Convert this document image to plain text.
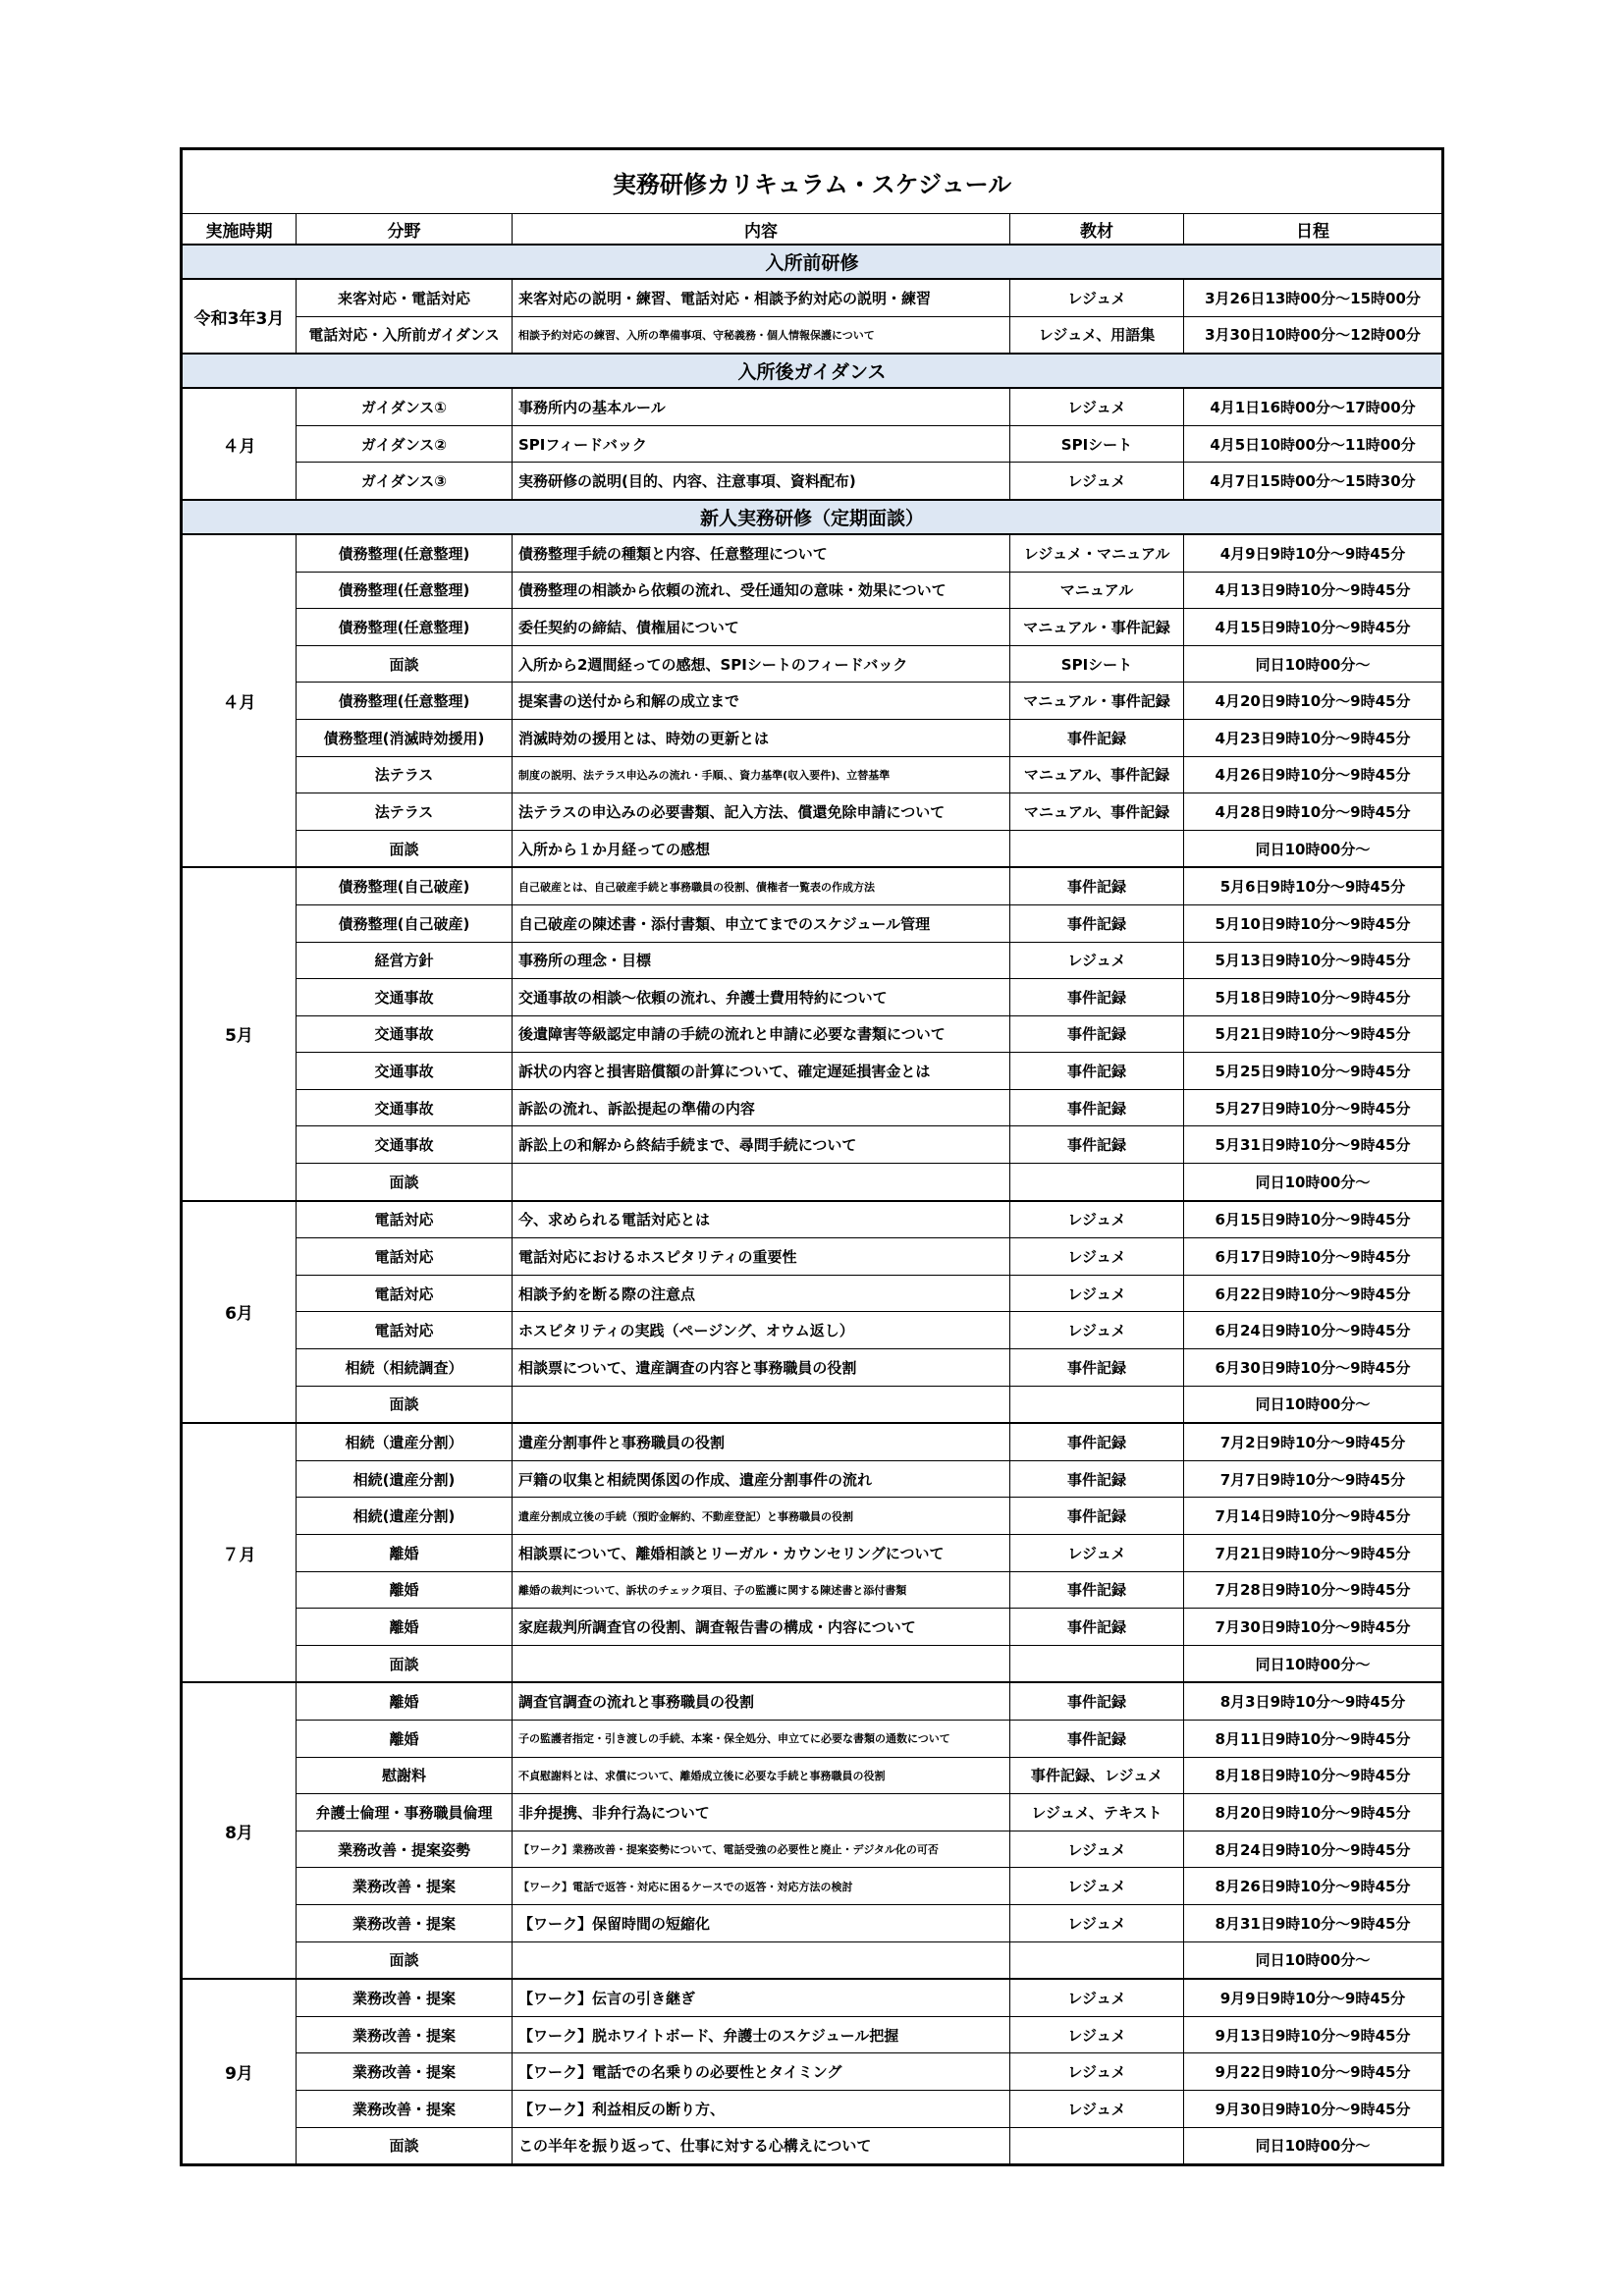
実務研修カリキュラム・スケジュール				
実施時期	分野	内容	教材	日程
入所前研修				
令和3年3月	来客対応・電話対応	来客対応の説明・練習、電話対応・相談予約対応の説明・練習	レジュメ	3月26日13時00分～15時00分
	電話対応・入所前ガイダンス	相談予約対応の練習、入所の準備事項、守秘義務・個人情報保護について	レジュメ、用語集	3月30日10時00分～12時00分
入所後ガイダンス				
４月	ガイダンス①	事務所内の基本ルール	レジュメ	4月1日16時00分～17時00分
	ガイダンス②	SPIフィードバック	SPIシート	4月5日10時00分～11時00分
	ガイダンス③	実務研修の説明(目的、内容、注意事項、資料配布)	レジュメ	4月7日15時00分～15時30分
新人実務研修（定期面談）				
４月	債務整理(任意整理)	債務整理手続の種類と内容、任意整理について	レジュメ・マニュアル	4月9日9時10分～9時45分
	債務整理(任意整理)	債務整理の相談から依頼の流れ、受任通知の意味・効果について	マニュアル	4月13日9時10分～9時45分
	債務整理(任意整理)	委任契約の締結、債権届について	マニュアル・事件記録	4月15日9時10分～9時45分
	面談	入所から2週間経っての感想、SPIシートのフィードバック	SPIシート	同日10時00分～
	債務整理(任意整理)	提案書の送付から和解の成立まで	マニュアル・事件記録	4月20日9時10分～9時45分
	債務整理(消滅時効援用)	消滅時効の援用とは、時効の更新とは	事件記録	4月23日9時10分～9時45分
	法テラス	制度の説明、法テラス申込みの流れ・手順、、資力基準(収入要件)、立替基準	マニュアル、事件記録	4月26日9時10分～9時45分
	法テラス	法テラスの申込みの必要書類、記入方法、償還免除申請について	マニュアル、事件記録	4月28日9時10分～9時45分
	面談	入所から１か月経っての感想		同日10時00分～
5月	債務整理(自己破産)	自己破産とは、自己破産手続と事務職員の役割、債権者一覧表の作成方法	事件記録	5月6日9時10分～9時45分
	債務整理(自己破産)	自己破産の陳述書・添付書類、申立てまでのスケジュール管理	事件記録	5月10日9時10分～9時45分
	経営方針	事務所の理念・目標	レジュメ	5月13日9時10分～9時45分
	交通事故	交通事故の相談～依頼の流れ、弁護士費用特約について	事件記録	5月18日9時10分～9時45分
	交通事故	後遺障害等級認定申請の手続の流れと申請に必要な書類について	事件記録	5月21日9時10分～9時45分
	交通事故	訴状の内容と損害賠償額の計算について、確定遅延損害金とは	事件記録	5月25日9時10分～9時45分
	交通事故	訴訟の流れ、訴訟提起の準備の内容	事件記録	5月27日9時10分～9時45分
	交通事故	訴訟上の和解から終結手続まで、尋問手続について	事件記録	5月31日9時10分～9時45分
	面談			同日10時00分～
6月	電話対応	今、求められる電話対応とは	レジュメ	6月15日9時10分～9時45分
	電話対応	電話対応におけるホスピタリティの重要性	レジュメ	6月17日9時10分～9時45分
	電話対応	相談予約を断る際の注意点	レジュメ	6月22日9時10分～9時45分
	電話対応	ホスピタリティの実践（ページング、オウム返し）	レジュメ	6月24日9時10分～9時45分
	相続（相続調査）	相談票について、遺産調査の内容と事務職員の役割	事件記録	6月30日9時10分～9時45分
	面談			同日10時00分～
７月	相続（遺産分割）	遺産分割事件と事務職員の役割	事件記録	7月2日9時10分～9時45分
	相続(遺産分割)	戸籍の収集と相続関係図の作成、遺産分割事件の流れ	事件記録	7月7日9時10分～9時45分
	相続(遺産分割)	遺産分割成立後の手続（預貯金解約、不動産登記）と事務職員の役割	事件記録	7月14日9時10分～9時45分
	離婚	相談票について、離婚相談とリーガル・カウンセリングについて	レジュメ	7月21日9時10分～9時45分
	離婚	離婚の裁判について、訴状のチェック項目、子の監護に関する陳述書と添付書類	事件記録	7月28日9時10分～9時45分
	離婚	家庭裁判所調査官の役割、調査報告書の構成・内容について	事件記録	7月30日9時10分～9時45分
	面談			同日10時00分～
8月	離婚	調査官調査の流れと事務職員の役割	事件記録	8月3日9時10分～9時45分
	離婚	子の監護者指定・引き渡しの手続、本案・保全処分、申立てに必要な書類の通数について	事件記録	8月11日9時10分～9時45分
	慰謝料	不貞慰謝料とは、求償について、離婚成立後に必要な手続と事務職員の役割	事件記録、レジュメ	8月18日9時10分～9時45分
	弁護士倫理・事務職員倫理	非弁提携、非弁行為について	レジュメ、テキスト	8月20日9時10分～9時45分
	業務改善・提案姿勢	【ワーク】業務改善・提案姿勢について、電話受強の必要性と廃止・デジタル化の可否	レジュメ	8月24日9時10分～9時45分
	業務改善・提案	【ワーク】電話で返答・対応に困るケースでの返答・対応方法の検討	レジュメ	8月26日9時10分～9時45分
	業務改善・提案	【ワーク】保留時間の短縮化	レジュメ	8月31日9時10分～9時45分
	面談			同日10時00分～
9月	業務改善・提案	【ワーク】伝言の引き継ぎ	レジュメ	9月9日9時10分～9時45分
	業務改善・提案	【ワーク】脱ホワイトボード、弁護士のスケジュール把握	レジュメ	9月13日9時10分～9時45分
	業務改善・提案	【ワーク】電話での名乗りの必要性とタイミング	レジュメ	9月22日9時10分～9時45分
	業務改善・提案	【ワーク】利益相反の断り方、	レジュメ	9月30日9時10分～9時45分
	面談	この半年を振り返って、仕事に対する心構えについて		同日10時00分～
